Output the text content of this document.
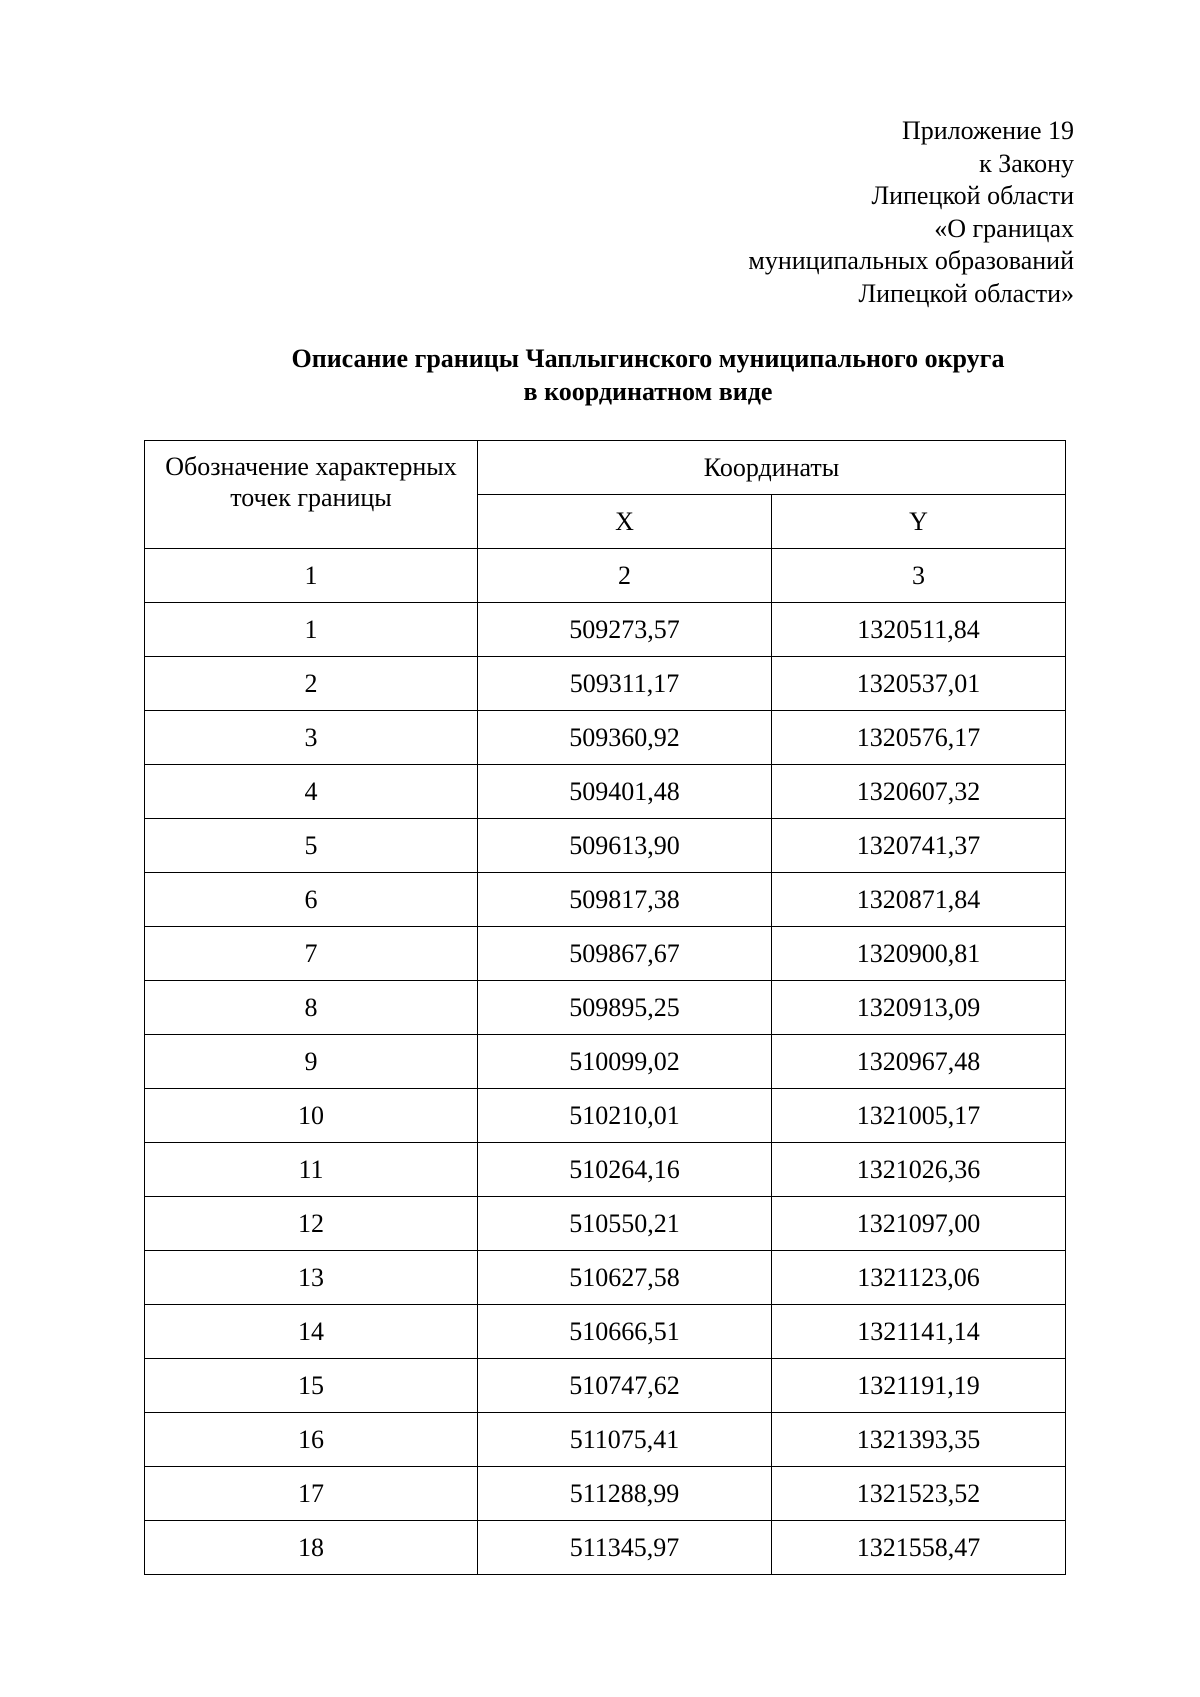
Приложение 19
к Закону
Липецкой области
«О границах
муниципальных образований
Липецкой области»
Описание границы Чаплыгинского муниципального округа
в координатном виде
Обозначение характерных точек границы	Координаты	
	X	Y
1	2	3
1	509273,57	1320511,84
2	509311,17	1320537,01
3	509360,92	1320576,17
4	509401,48	1320607,32
5	509613,90	1320741,37
6	509817,38	1320871,84
7	509867,67	1320900,81
8	509895,25	1320913,09
9	510099,02	1320967,48
10	510210,01	1321005,17
11	510264,16	1321026,36
12	510550,21	1321097,00
13	510627,58	1321123,06
14	510666,51	1321141,14
15	510747,62	1321191,19
16	511075,41	1321393,35
17	511288,99	1321523,52
18	511345,97	1321558,47
